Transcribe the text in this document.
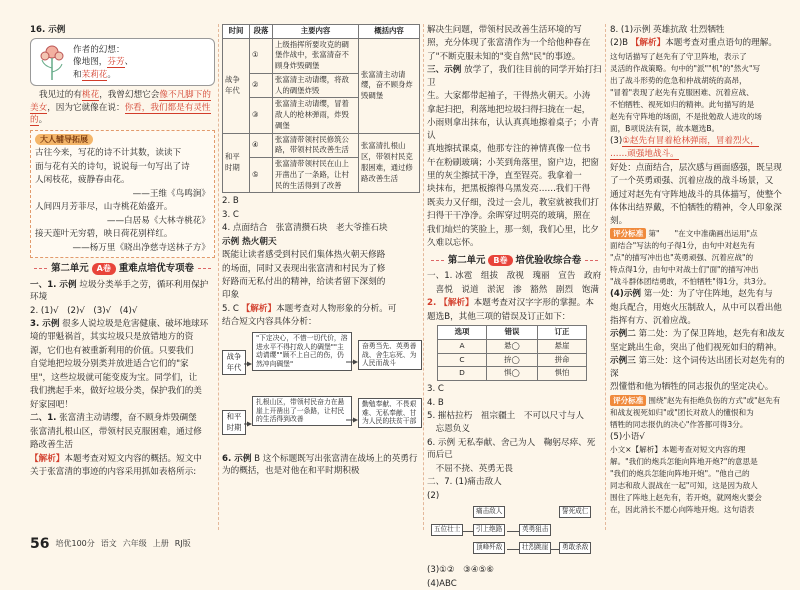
16. 示例
作者的幻想：
像地图，芬芳、
和茉莉花。
我见过的有桃花，我曾幻想它会像不凡脚下的美女，因为它就像在说：你看，我们都是有灵性的。
大人辅导拓展
古往今来，写花的诗不计其数，读读下
面与花有关的诗句，说说每一句写出了诗
人闲枝花，疲静春由花。
——王维《鸟鸣涧》
人间四月芳菲尽，山寺桃花始盛开。
——白居易《大林寺桃花》
接天莲叶无穷碧，映日荷花别样红。
——杨万里《晓出净慈寺送林子方》
第二单元	A卷 重难点培优专项卷
一、1. 示例 垃圾分类举手之劳，循环利用保护环境
2. (1)√　(2)√　(3)√　(4)√
3. 示例 很多人说垃圾是危害健康、破坏地球环
境的罪魁祸首，其实垃圾只是放错地方的资
源，它们也有被重新利用的价值。只要我们
自觉地把垃圾分别类并放进适合它们的"家
里"，这些垃圾就可能变废为宝。同学们，让
我们携起手来，做好垃圾分类，保护我们的美
好家园吧！
二、1. 张富清主动请缨，奋不顾身炸毁碉堡
张富清扎根山区，带领村民克服困难，通过修
路改善生活
【解析】本题考查对短文内容的概括。短文中
关于张富清的事迹的内容采用抓如表格所示:
时间	段落	主要内容	概括内容
战争年代	①	上级指挥所要攻克的碉堡作战中，张富清奋不顾身炸毁碉堡	张富清主动请缨，奋不顾身炸毁碉堡
	②	张富清主动请缨，将敌人的碉堡炸毁	
	③	张富清主动请缨，冒着敌人的枪林弹雨，炸毁碉堡	
和平时期	④	张富清带领村民修筑公路，带领村民改善生活	张富清扎根山区，带领村民克服困难，通过修路改善生活
	⑤	张富清带领村民在山上开凿出了一条路，让村民的生活得到了改善	
2. B
3. C
4. 点面结合　张富清攒石块　老大爷推石块
示例 热火朝天
既能让读者感受到村民们集体热火朝天修路
的场面，同时又表现出张富清和村民为了修
好路而无私付出的精神，给读者留下深刻的
印象
5. C 【解析】本题考查对人物形象的分析。可
结合短文内容具体分析：
战争年代
"下定决心，不惜一切代价，溶进水平不得打敌人的碉堡""主动请缨""顾不上自己的伤，仍然冲向碉堡"
奋勇当先、英勇善战、舍生忘死、为人民而战斗
和平时期
扎根山区，带领村民奋力在悬崖上开凿出了一条路，让村民的生活得到改善
勤勉奉献、不畏艰难、无私奉献、甘为人民的扶贫干部
6. 示例 B 这个标题既写出张富清在战场上的英勇行为的概括，也是对他在和平时期积极
解决生问题，带领村民改善生活环境的写
照，充分体现了张富清作为一个给他种春在
了"不断克服未知的"变自然"民"的事迹。
三、示例 放学了，我们往目前的同学开始打扫卫
生。大家都带起袖子，干得热火朝天。小涛
拿起扫把，利落地把垃圾扫得扫拢在一起，
小雨则拿出抹布，认认真真地擦着桌子；小青认
真地擦拭课桌，他那专注的神情真像一位书
午在粉刷玻璃；小芙到角落里，窗户边，把窗
里的灰尘擦拭干净，直至锃亮。我拿着一
块抹布，把黑板擦得乌黑发亮……我们干得
既卖力又仔细，没过一会儿，教室就被我们打
扫得干干净净。余晖穿过明亮的玻璃，照在
我们灿烂的笑脸上，那一刻，我们心里，比夕
久难以忘怀。
第二单元	B卷 培优验收综合卷
一、1. 冰雹　组拔　敌视　瑰丽　宣告　政府
　喜悦　说道　淤泥　渗　豁然　剧烈　饱满
2. 【解析】本题考查对汉字字形的掌握。本
题选B，其他三项的错误及订正如下：
选项	错误	订正
A	悬◯	悬崖
C	拚◯	拼命
D	惧◯	惧怕
3. C
4. B
5. 摧枯拉朽　祖宗疆土　不可以尺寸与人
　忘恩负义
6. 示例 无私奉献、舍己为人　鞠躬尽瘁、死而后已
　不屈不挠、英勇无畏
二、7. (1)痛击敌人
(2)
五位壮士
痛击敌人
引上绝路
顶峰歼敌	壮烈跳崖
誓死成仁
英勇狙击
勇敢杀敌
(3)①②　③④⑤⑥
(4)ABC
8. (1)示例 英雄抗敌 壮烈牺牲
(2)B 【解析】本题考查对重点语句的理解。
这句话描写了赵先有了守卫阵地，表示了
灵活的作战策略。句中的"派""机"的"然火"写
出了战斗形势的危急和仲战胡统的高昂，
"冒着"表现了赵先有克服困难、沉着应战、
不怕牺牲、视死如归的精神。此句描写的是
赵先有守阵地的场面，不是批勉敌人进攻的场
面，B项说法有误，故本题选B。
(3)①赵先有冒着枪林弹雨，冒着烈火，
……顽强地战斗。
好处：点面结合，层次感与画面感强，既呈现
了一个英勇顽强、沉着应战的战斗场景，又
通过对赵先有守阵地战斗的具体描写，使整个
体体出结界戴，不怕牺牲的精神，令人印象深刻。
评分标准 第"　　"在文中准确画出运用"点
面结合"写法的句子得1分，由句中对赵先有
"点"的描写冲出也"英勇顽强、沉着应战"的
特点得1分，由句中对战士们"面"的描写冲出
"战斗群体团结勇敢，不怕牺牲"得1分，共3分。
(4)示例 第一处：为了守住阵地，赵先有与
炮兵配合，用炮火压制敌人，从中可以看出他
指挥有方、沉着应战。
示例二 第二处：为了保卫阵地，赵先有和战友
坚定跳出生命，突出了他们视死如归的精神。
示例三 第三处：这个词传达出团长对赵先有的深
烈懂惜和他为牺牲的同志报仇的坚定决心。
评分标准 围绕"赵先有拒绝负伤的方式"或"赵先有
和战友视死如归"或"团长对敌人的懂恨和为
牺牲的同志报仇的决心"作答都可得3分。
(5)小语√
小文×【解析】本题考查对短文内容的理
解。"我们的炮兵怎能向阵地开炮?"的意思是
"我们的炮兵怎能向阵地开炮"。"他自己的
同志和敌人混战在一起"可知，这是因为敌人
围住了阵地上赵先有，若开炮，就网炮火要会
在，因此消长不愿心向阵地开炮。这句语表
56 培优100分 语文 六年级 上册 RJ版
